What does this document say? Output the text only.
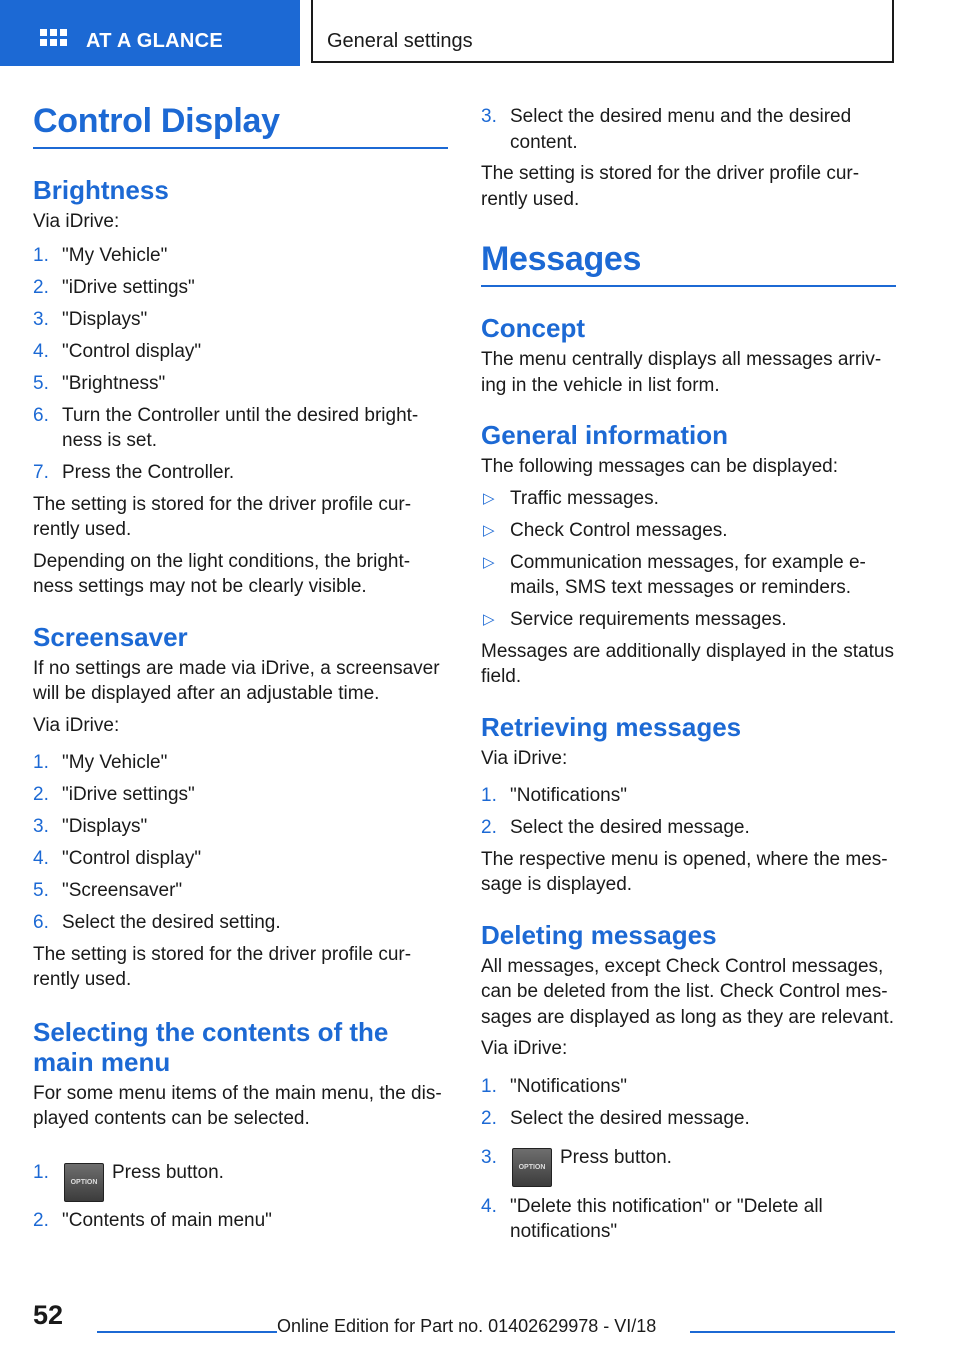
AT A GLANCE	General settings
Control Display
Brightness

Via iDrive:

1. "My Vehicle"
2. "iDrive settings"
3. "Displays"
4. "Control display"
5. "Brightness"
6. Turn the Controller until the desired bright-ness is set.
7. Press the Controller.

The setting is stored for the driver profile cur-rently used.

Depending on the light conditions, the bright-ness settings may not be clearly visible.

Screensaver

If no settings are made via iDrive, a screensaver will be displayed after an adjustable time.

Via iDrive:

1. "My Vehicle"
2. "iDrive settings"
3. "Displays"
4. "Control display"
5. "Screensaver"
6. Select the desired setting.

The setting is stored for the driver profile cur-rently used.

Selecting the contents of the main menu

For some menu items of the main menu, the dis-played contents can be selected.

1.	OPTION Press button.
2. "Contents of main menu"
3. Select the desired menu and the desired content.

The setting is stored for the driver profile cur-rently used.

Messages
Concept

The menu centrally displays all messages arriv-ing in the vehicle in list form.

General information

The following messages can be displayed:

▷ Traffic messages.
▷ Check Control messages.
▷ Communication messages, for example e-mails, SMS text messages or reminders.
▷ Service requirements messages.

Messages are additionally displayed in the status field.

Retrieving messages

Via iDrive:

1. "Notifications"
2. Select the desired message.

The respective menu is opened, where the mes-sage is displayed.

Deleting messages

All messages, except Check Control messages, can be deleted from the list. Check Control mes-sages are displayed as long as they are relevant.

Via iDrive:

1. "Notifications"
2. Select the desired message.
3.	OPTION Press button.
4. "Delete this notification" or "Delete all notifications"
52	Online Edition for Part no. 01402629978 - VI/18
